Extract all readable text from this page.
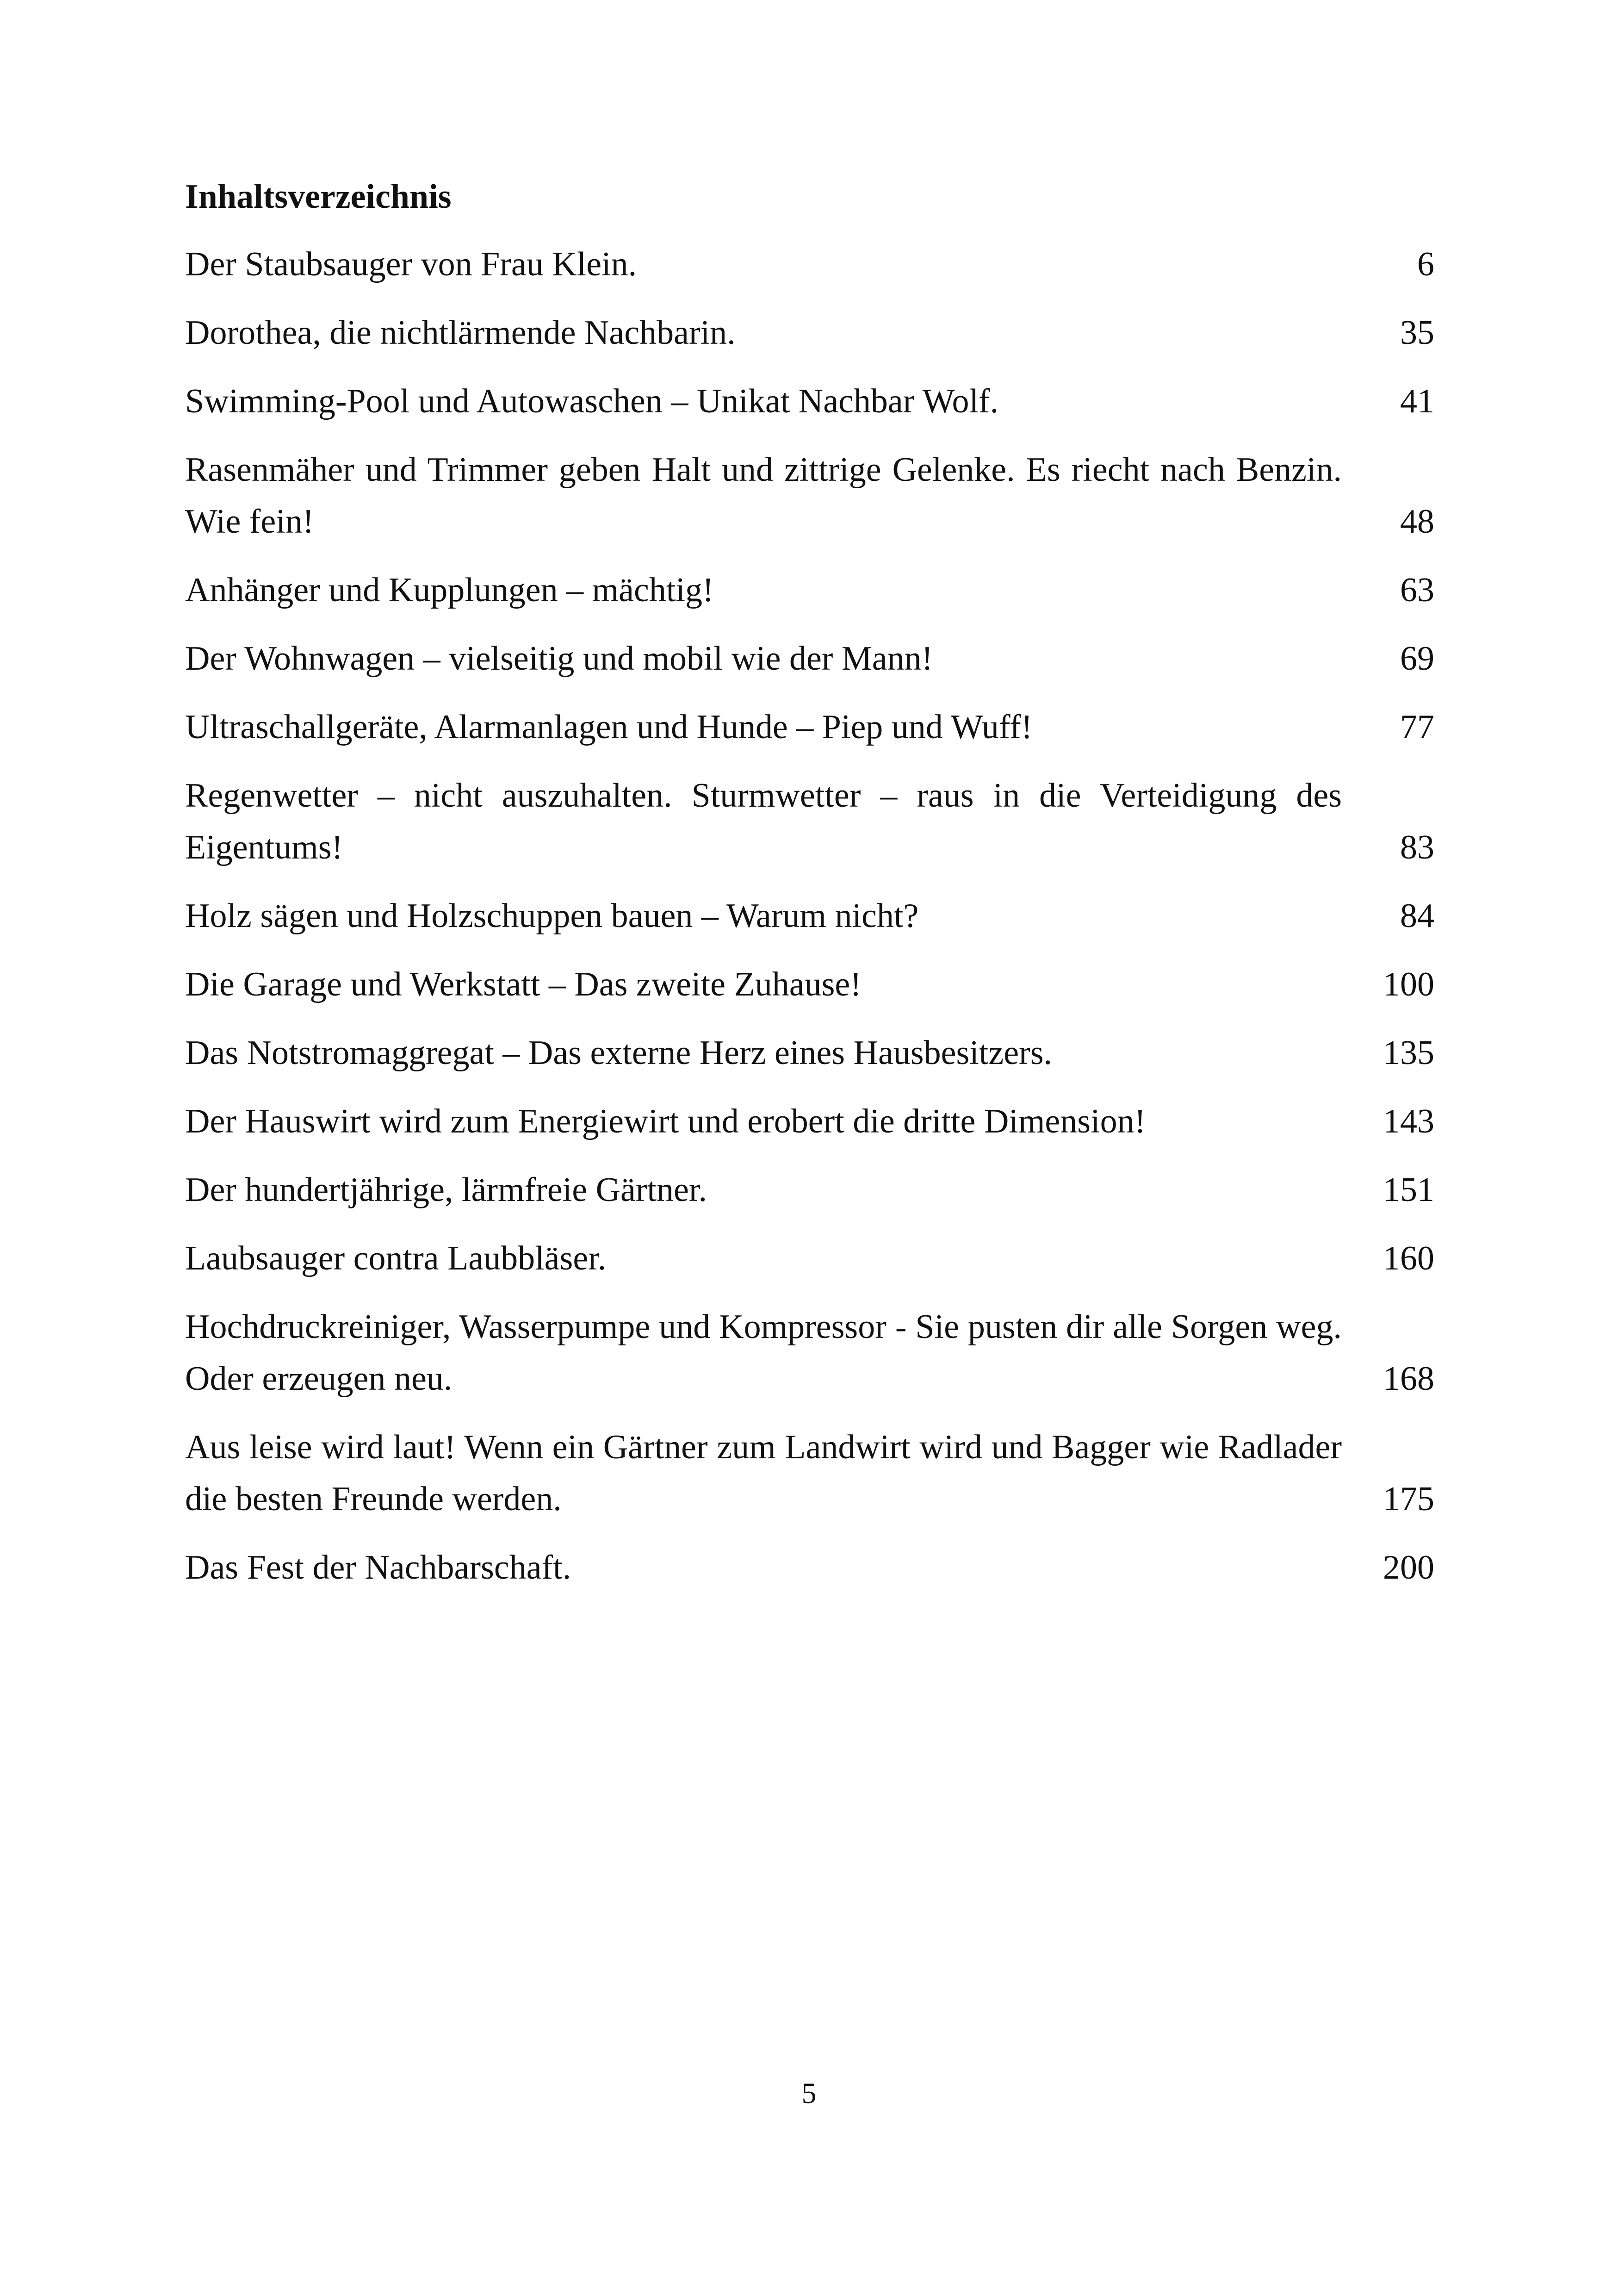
Inhaltsverzeichnis
Der Staubsauger von Frau Klein.	6
Dorothea, die nichtlärmende Nachbarin.	35
Swimming-Pool und Autowaschen – Unikat Nachbar Wolf.	41
Rasenmäher und Trimmer geben Halt und zittrige Gelenke. Es riecht nach Benzin. Wie fein!	48
Anhänger und Kupplungen – mächtig!	63
Der Wohnwagen – vielseitig und mobil wie der Mann!	69
Ultraschallgeräte, Alarmanlagen und Hunde – Piep und Wuff!	77
Regenwetter – nicht auszuhalten. Sturmwetter – raus in die Verteidigung des Eigentums!	83
Holz sägen und Holzschuppen bauen – Warum nicht?	84
Die Garage und Werkstatt – Das zweite Zuhause!	100
Das Notstromaggregat – Das externe Herz eines Hausbesitzers.	135
Der Hauswirt wird zum Energiewirt und erobert die dritte Dimension!	143
Der hundertjährige, lärmfreie Gärtner.	151
Laubsauger contra Laubbläser.	160
Hochdruckreiniger, Wasserpumpe und Kompressor - Sie pusten dir alle Sorgen weg. Oder erzeugen neu.	168
Aus leise wird laut! Wenn ein Gärtner zum Landwirt wird und Bagger wie Radlader die besten Freunde werden.	175
Das Fest der Nachbarschaft.	200
5
